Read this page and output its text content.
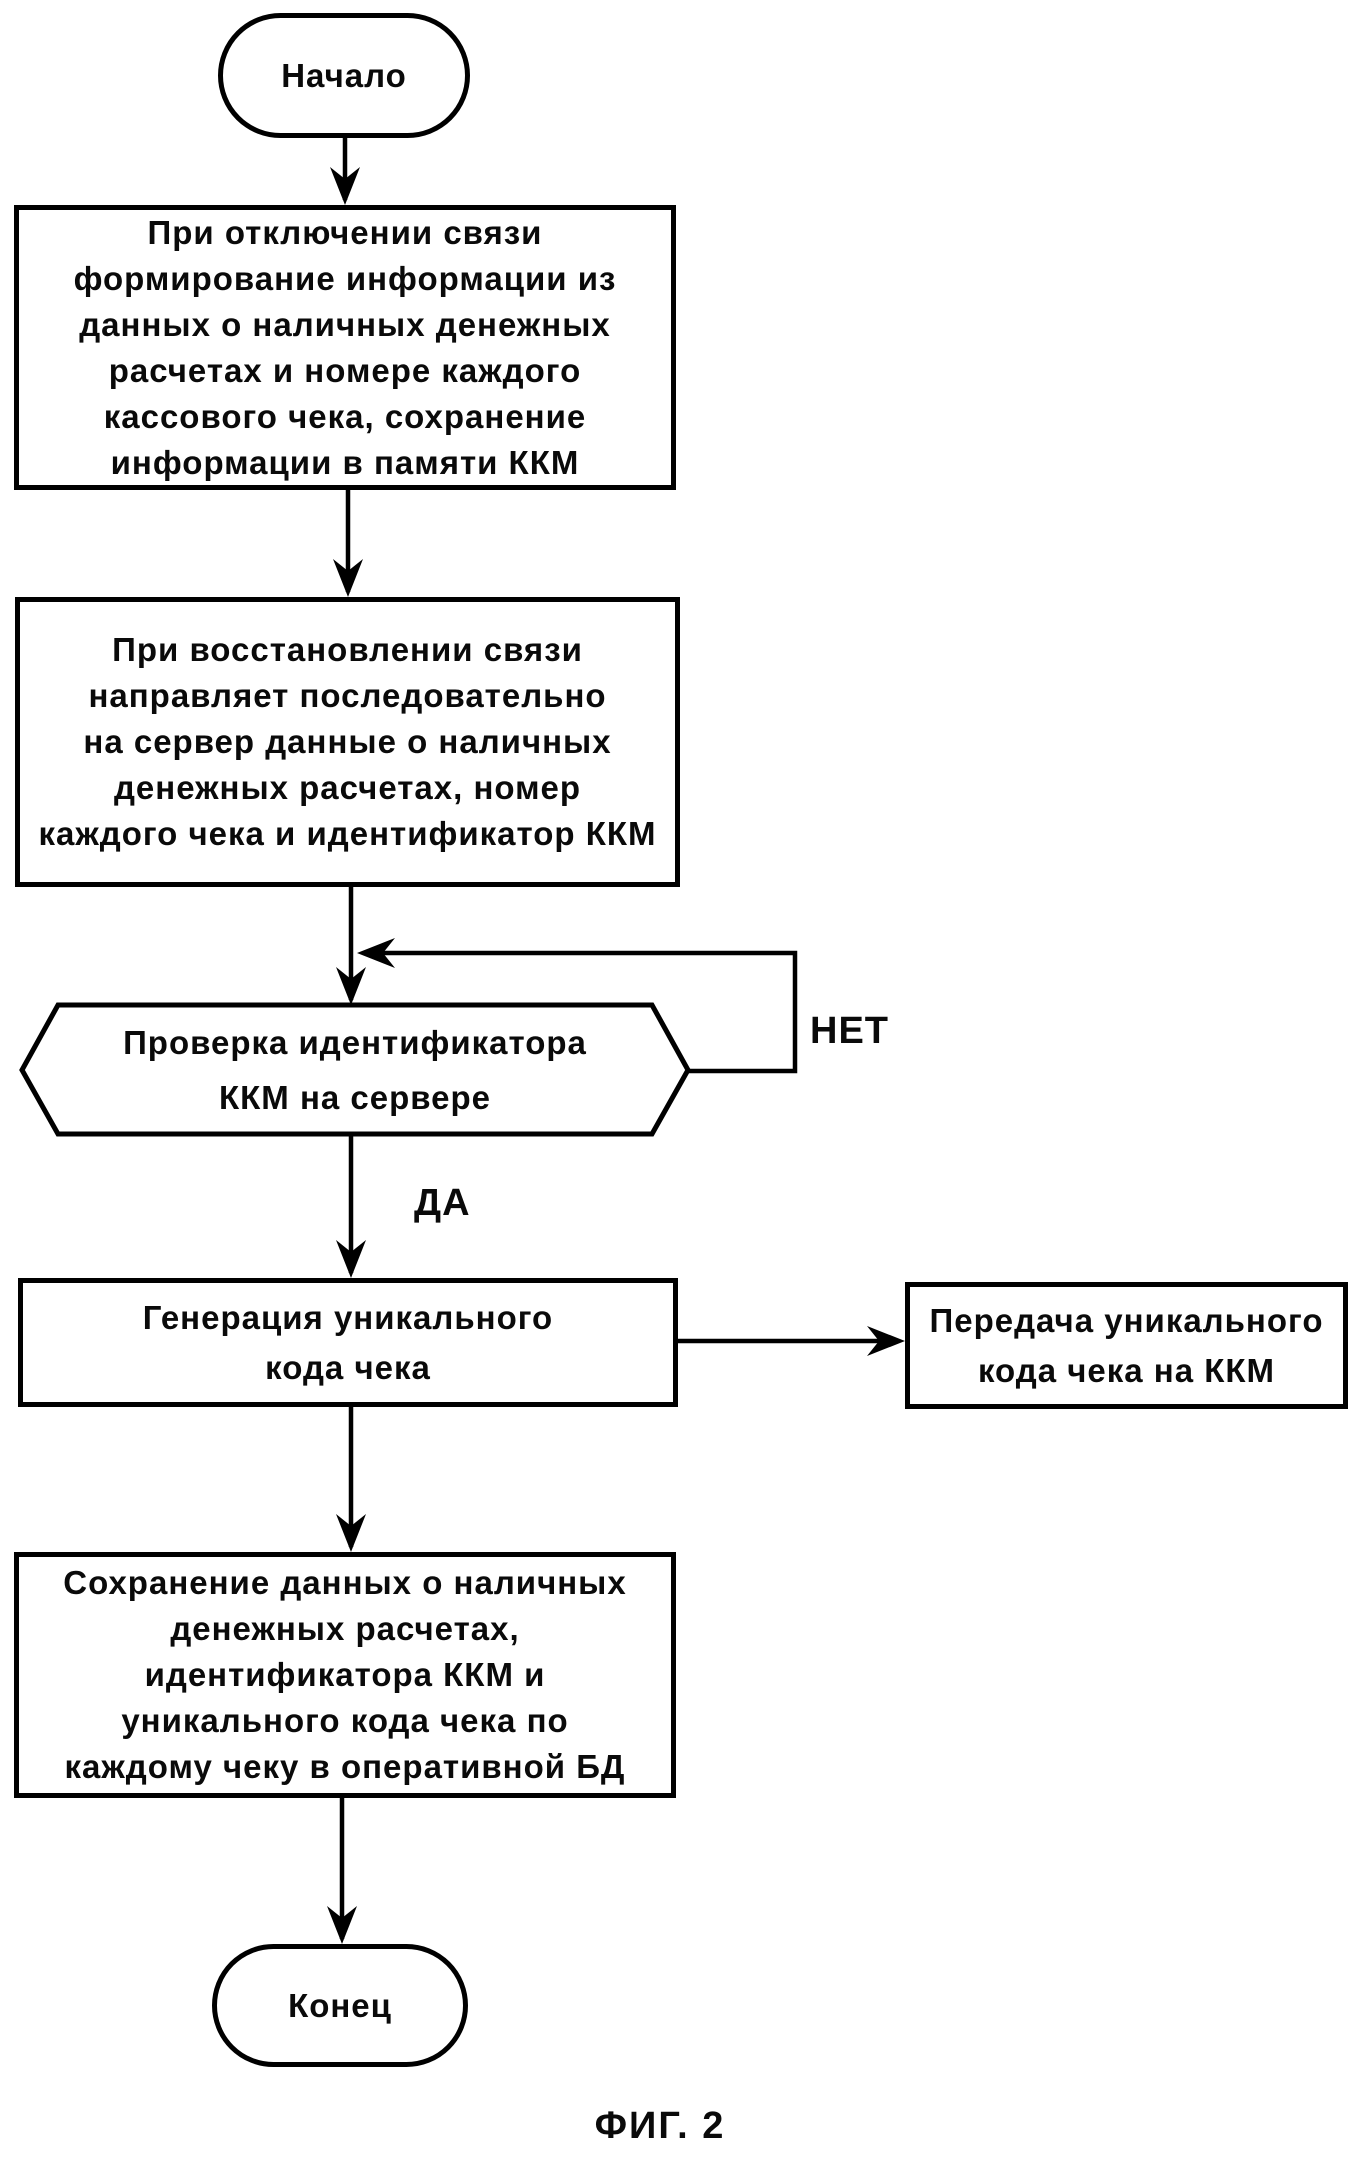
Начало
При отключении связи
формирование информации из
данных о наличных денежных
расчетах и номере каждого
кассового чека, сохранение
информации в памяти ККМ
При восстановлении связи
направляет последовательно
на сервер данные о наличных
денежных расчетах, номер
каждого чека и идентификатор ККМ
Проверка идентификатора
ККМ на сервере
НЕТ
ДА
Генерация уникального
кода чека
Передача уникального
кода чека на ККМ
Сохранение данных о наличных
денежных расчетах,
идентификатора ККМ и
уникального кода чека по
каждому чеку в оперативной БД
Конец
ФИГ. 2
